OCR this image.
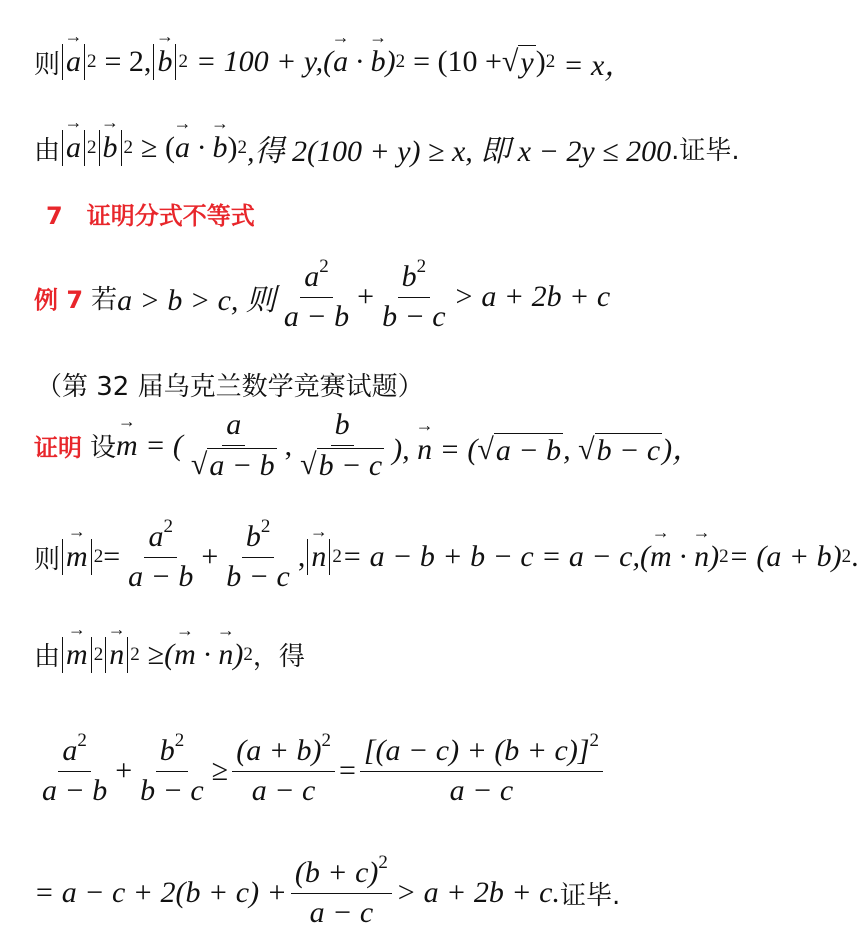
则 → a 2 = 2, → b 2 = 100 + y, (→ a · → b) 2 = (10 + √ y ) 2 = x，
由 → a 2 → b 2 ≥ ( → a · → b ) 2 ,得 2(100 + y) ≥ x, 即 x − 2y ≤ 200 .证毕.
7　证明分式不等式
例 7 若 a > b > c, 则 $\frac{a^2}{a - b} + \frac{b^2}{b - c} > a + 2b + c$
（第 32 届乌克兰数学竞赛试题）
证明 设 → m = ( $\frac{a}{√ a - b}$ , $\frac{b}{√ b - c}$ ), → n = ( √ a − b , √ b − c )，
则 → m $2 = \frac{a^2}{a - b} + \frac{b^2}{b - c}$ , → n 2 = a − b + b − c = a − c, (→ m · → n) 2 = (a + b) 2 .
由 → m 2 → n 2 ≥ (→ m · → n) 2 ，得
$\frac{a^2}{a - b} + \frac{b^2}{b - c} \ge \frac{(a + b)^2}{a - c} = \frac{[(a - c) + (b + c)]^2}{a - c}$
= $a - c + 2(b + c) + \frac{(b + c)^2}{a - c} > a + 2b + c$. 证毕.
